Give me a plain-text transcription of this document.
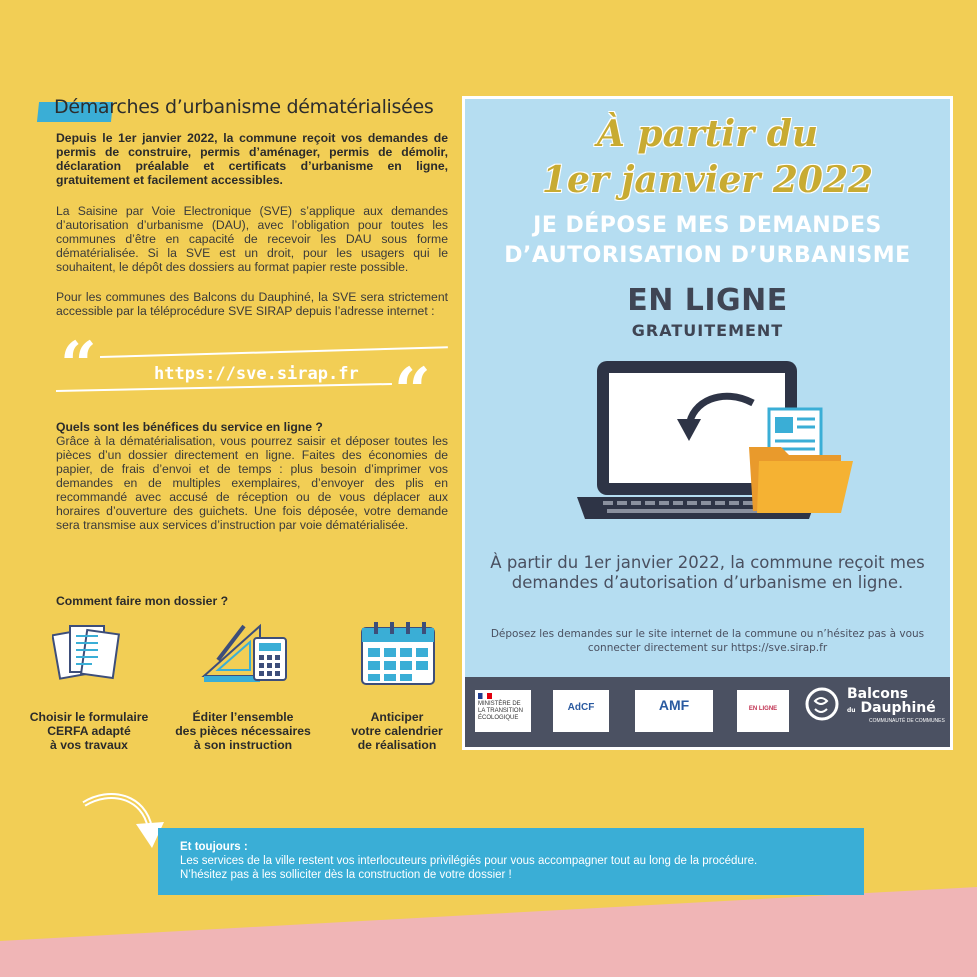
Démarches d’urbanisme dématérialisées

Depuis le 1er janvier 2022, la commune reçoit vos demandes de permis de construire, permis d’aménager, permis de démolir, déclaration préalable et certificats d’urbanisme en ligne, gratuitement et facilement accessibles.

La Saisine par Voie Electronique (SVE) s’applique aux demandes d’autorisation d’urbanisme (DAU), avec l’obligation pour toutes les communes d’être en capacité de recevoir les DAU sous forme dématérialisée. Si la SVE est un droit, pour les usagers qui le souhaitent, le dépôt des dossiers au format papier reste possible.

Pour les communes des Balcons du Dauphiné, la SVE sera strictement accessible par la téléprocédure SVE SIRAP depuis l’adresse internet :

“	“
https://sve.sirap.fr

Quels sont les bénéfices du service en ligne ?

Grâce à la dématérialisation, vous pourrez saisir et déposer toutes les pièces d’un dossier directement en ligne. Faites des économies de papier, de frais d’envoi et de temps : plus besoin d’imprimer vos demandes en de multiples exemplaires, d’envoyer des plis en recommandé avec accusé de réception ou de vous déplacer aux horaires d’ouverture des guichets. Une fois déposée, votre demande sera transmise aux services d’instruction par voie dématérialisée.

Comment faire mon dossier ?

Choisir le formulaire
CERFA adapté
à vos travaux
Éditer l’ensemble
des pièces nécessaires
à son instruction
Anticiper
votre calendrier
de réalisation
À partir du
1er janvier 2022
JE DÉPOSE MES DEMANDES
D’AUTORISATION D’URBANISME
EN LIGNE
GRATUITEMENT
À partir du 1er janvier 2022, la commune reçoit mes demandes d’autorisation d’urbanisme en ligne.
Déposez les demandes sur le site internet de la commune ou n’hésitez pas à vous connecter directement sur https://sve.sirap.fr
MINISTÈRE DE LA TRANSITION ÉCOLOGIQUE
AdCF	AMF	EN LIGNE
Balcons
du Dauphiné
COMMUNAUTÉ DE COMMUNES
Et toujours :
Les services de la ville restent vos interlocuteurs privilégiés pour vous accompagner tout au long de la procédure.
N’hésitez pas à les solliciter dès la construction de votre dossier !
